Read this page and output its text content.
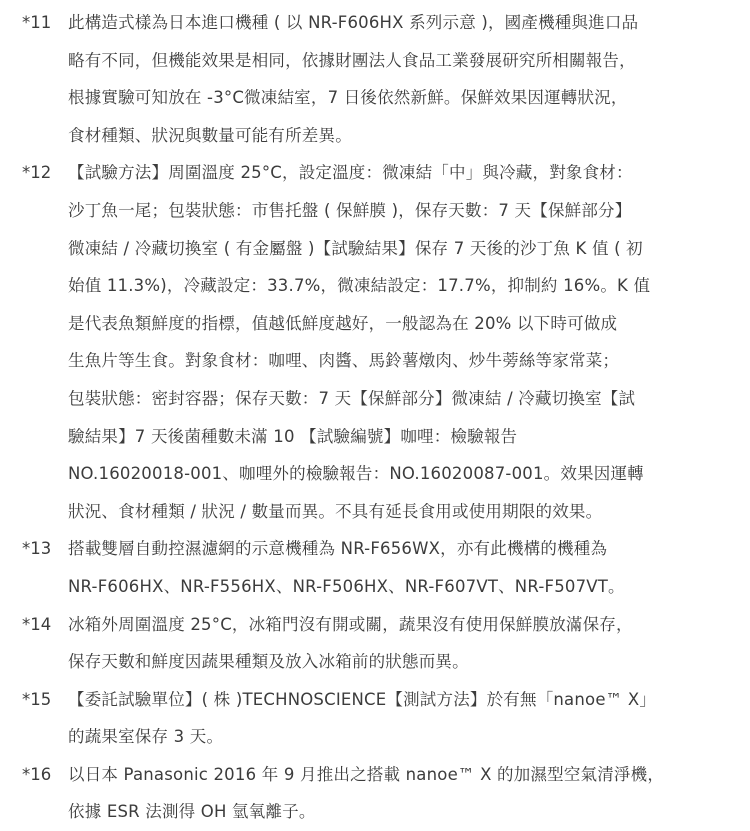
*11	此構造式樣為日本進口機種 ( 以 NR-F606HX 系列示意 )，國產機種與進口品
略有不同，但機能效果是相同，依據財團法人食品工業發展研究所相關報告，
根據實驗可知放在 -3°C微凍結室，7 日後依然新鮮。保鮮效果因運轉狀況，
食材種類、狀況與數量可能有所差異。
*12	【試驗方法】周圍溫度 25°C，設定溫度：微凍結「中」與冷藏，對象食材：
沙丁魚一尾；包裝狀態：市售托盤 ( 保鮮膜 )，保存天數：7 天【保鮮部分】
微凍結 / 冷藏切換室 ( 有金屬盤 )【試驗結果】保存 7 天後的沙丁魚 K 值 ( 初
始值 11.3%)，冷藏設定：33.7%，微凍結設定：17.7%，抑制約 16%。K 值
是代表魚類鮮度的指標，值越低鮮度越好，一般認為在 20% 以下時可做成
生魚片等生食。對象食材：咖哩、肉醬、馬鈴薯燉肉、炒牛蒡絲等家常菜；
包裝狀態：密封容器；保存天數：7 天【保鮮部分】微凍結 / 冷藏切換室【試
驗結果】7 天後菌種數未滿 10 【試驗編號】咖哩：檢驗報告
NO.16020018-001、咖哩外的檢驗報告：NO.16020087-001。效果因運轉
狀況、食材種類 / 狀況 / 數量而異。不具有延長食用或使用期限的效果。
*13	搭載雙層自動控濕濾網的示意機種為 NR-F656WX，亦有此機構的機種為
NR-F606HX、NR-F556HX、NR-F506HX、NR-F607VT、NR-F507VT。
*14	冰箱外周圍溫度 25°C，冰箱門沒有開或關，蔬果沒有使用保鮮膜放滿保存，
保存天數和鮮度因蔬果種類及放入冰箱前的狀態而異。
*15	【委託試驗單位】( 株 )TECHNOSCIENCE【測試方法】於有無「nanoe™ X」
的蔬果室保存 3 天。
*16	以日本 Panasonic 2016 年 9 月推出之搭載 nanoe™ X 的加濕型空氣清淨機，
依據 ESR 法測得 OH 氫氧離子。
